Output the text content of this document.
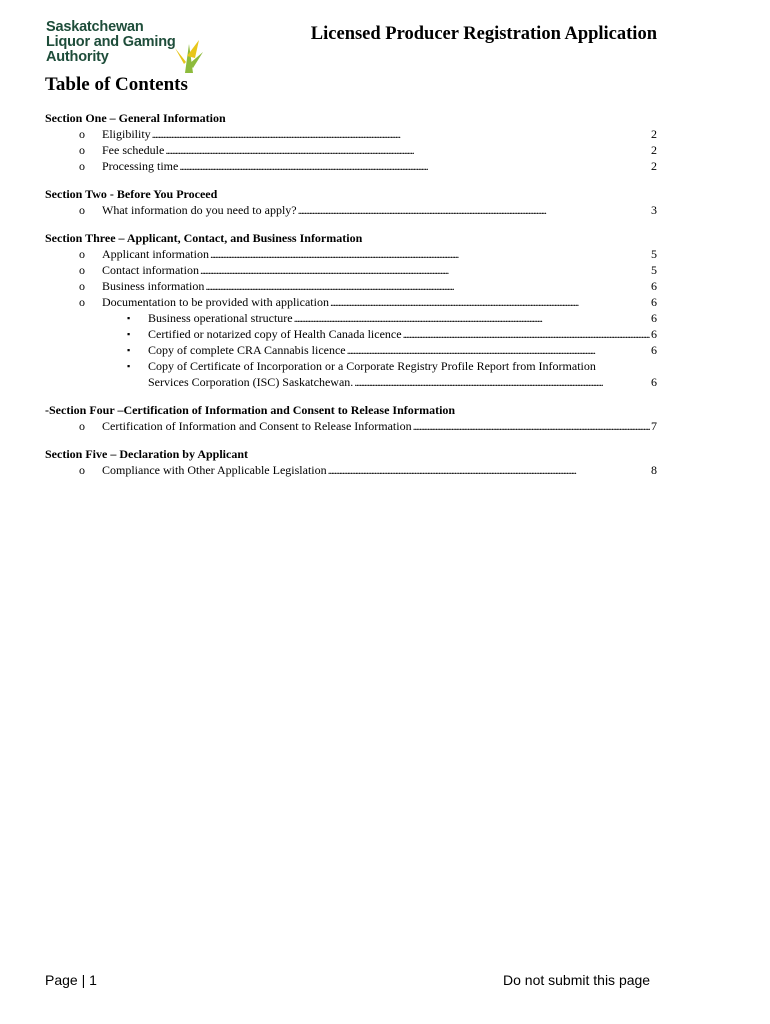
Saskatchewan
Liquor and Gaming
Authority
Licensed Producer Registration Application
Table of Contents
Section One – General Information
o Eligibility . . .	2
o Fee schedule . . .	2
o Processing time . . .	2
Section Two - Before You Proceed
o What information do you need to apply? . . .	3
Section Three – Applicant, Contact, and Business Information
o Applicant information . . .	5
o Contact information . . .	5
o Business information . . .	6
o Documentation to be provided with application . . .	6
▪ Business operational structure . . .	6
▪ Certified or notarized copy of Health Canada licence . . .	6
▪ Copy of complete CRA Cannabis licence . . .	6
▪ Copy of Certificate of Incorporation or a Corporate Registry Profile Report from Information
Services Corporation (ISC) Saskatchewan. . . .	6
-Section Four –Certification of Information and Consent to Release Information
o Certification of Information and Consent to Release Information . . .	7
Section Five – Declaration by Applicant
o Compliance with Other Applicable Legislation . . .	8
Page | 1	Do not submit this page
